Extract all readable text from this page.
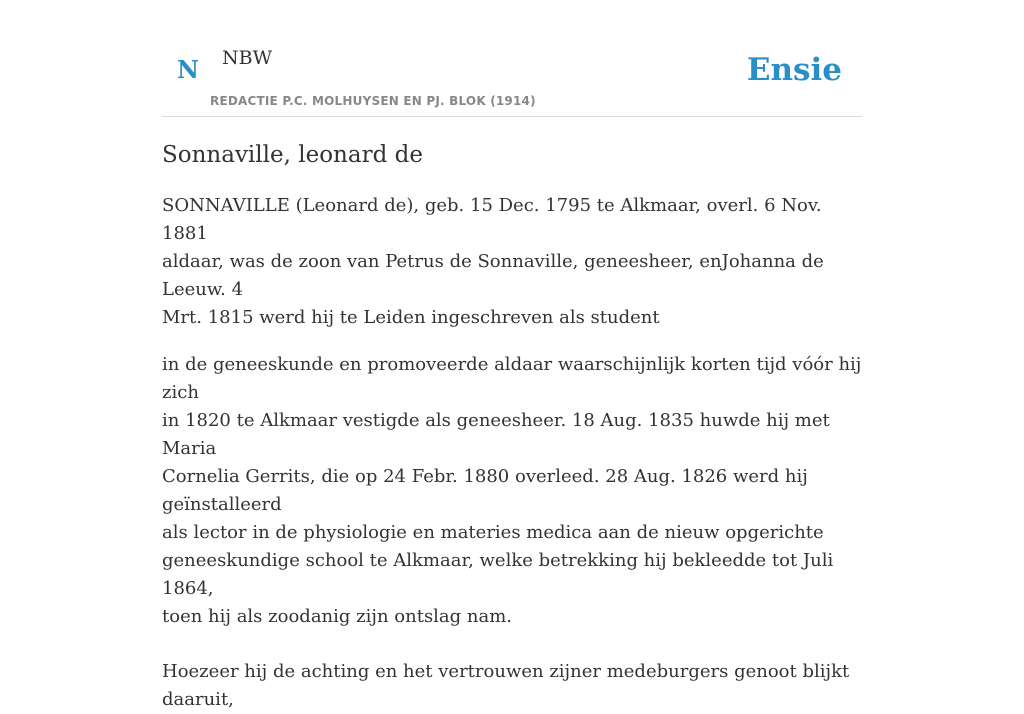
N NBW
REDACTIE P.C. MOLHUYSEN EN PJ. BLOK (1914)
Ensie
Sonnaville, leonard de

SONNAVILLE (Leonard de), geb. 15 Dec. 1795 te Alkmaar, overl. 6 Nov. 1881
aldaar, was de zoon van Petrus de Sonnaville, geneesheer, enJohanna de Leeuw. 4
Mrt. 1815 werd hij te Leiden ingeschreven als student

in de geneeskunde en promoveerde aldaar waarschijnlijk korten tijd vóór hij zich
in 1820 te Alkmaar vestigde als geneesheer. 18 Aug. 1835 huwde hij met Maria
Cornelia Gerrits, die op 24 Febr. 1880 overleed. 28 Aug. 1826 werd hij geïnstalleerd
als lector in de physiologie en materies medica aan de nieuw opgerichte
geneeskundige school te Alkmaar, welke betrekking hij bekleedde tot Juli 1864,
toen hij als zoodanig zijn ontslag nam.

Hoezeer hij de achting en het vertrouwen zijner medeburgers genoot blijkt daaruit,
